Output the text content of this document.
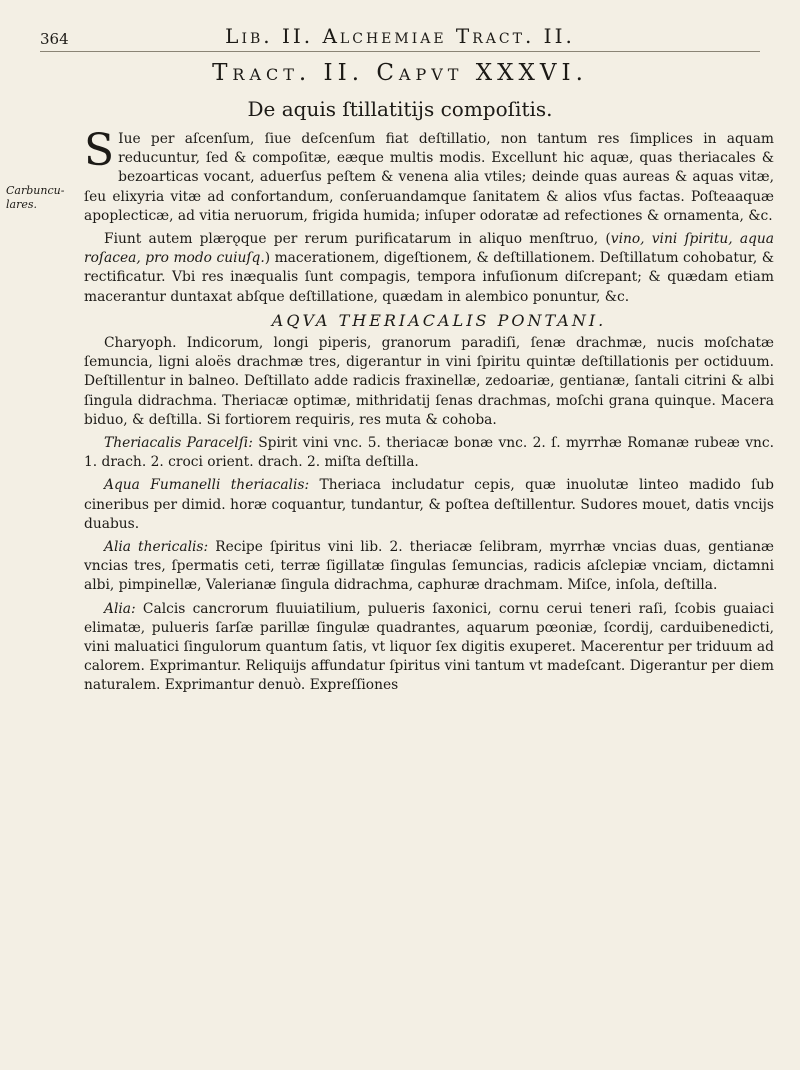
364	Lib. II. Alchemiae Tract. II.
Tract. II. Capvt XXXVI.
De aquis ſtillatitijs compoſitis.
Carbuncu-lares.

S Iue per aſcenſum, ſiue deſcenſum fiat deſtillatio, non tantum res ſimplices in aquam reducuntur, ſed & compoſitæ, eæque multis modis. Excellunt hic aquæ, quas theriacales & bezoarticas vocant, aduerſus peſtem & venena alia vtiles; deinde quas aureas & aquas vitæ, ſeu elixyria vitæ ad confortandum, conſeruandamque ſanitatem & alios vſus factas. Poſteaaquæ apoplecticæ, ad vitia neruorum, frigida humida; inſuper odoratæ ad refectiones & ornamenta, &c.

Fiunt autem plærǫque per rerum purificatarum in aliquo menſtruo, (vino, vini ſpiritu, aqua roſacea, pro modo cuiuſq.) macerationem, digeſtionem, & deſtillationem. Deſtillatum cohobatur, & rectificatur. Vbi res inæqualis ſunt compagis, tempora infuſionum diſcrepant; & quædam etiam macerantur duntaxat abſque deſtillatione, quædam in alembico ponuntur, &c.

AQVA THERIACALIS PONTANI.

Charyoph. Indicorum, longi piperis, granorum paradiſi, ſenæ drachmæ, nucis moſchatæ ſemuncia, ligni aloës drachmæ tres, digerantur in vini ſpiritu quintæ deſtillationis per octiduum. Deſtillentur in balneo. Deſtillato adde radicis fraxinellæ, zedoariæ, gentianæ, ſantali citrini & albi ſingula didrachma. Theriacæ optimæ, mithridatij ſenas drachmas, moſchi grana quinque. Macera biduo, & deſtilla. Si fortiorem requiris, res muta & cohoba.

Theriacalis Paracelſi: Spirit vini vnc. 5. theriacæ bonæ vnc. 2. ſ. myrrhæ Romanæ rubeæ vnc. 1. drach. 2. croci orient. drach. 2. miſta deſtilla.

Aqua Fumanelli theriacalis: Theriaca includatur cepis, quæ inuolutæ linteo madido ſub cineribus per dimid. horæ coquantur, tundantur, & poſtea deſtillentur. Sudores mouet, datis vncijs duabus.

Alia thericalis: Recipe ſpiritus vini lib. 2. theriacæ ſelibram, myrrhæ vncias duas, gentianæ vncias tres, ſpermatis ceti, terræ ſigillatæ ſingulas ſemuncias, radicis aſclepiæ vnciam, dictamni albi, pimpinellæ, Valerianæ ſingula didrachma, caphuræ drachmam. Miſce, inſola, deſtilla.

Alia: Calcis cancrorum fluuiatilium, pulueris ſaxonici, cornu cerui teneri raſi, ſcobis guaiaci elimatæ, pulueris ſarſæ parillæ ſingulæ quadrantes, aquarum pœoniæ, ſcordij, carduibenedicti, vini maluatici ſingulorum quantum ſatis, vt liquor ſex digitis exuperet. Macerentur per triduum ad calorem. Exprimantur. Reliquijs affundatur ſpiritus vini tantum vt madeſcant. Digerantur per diem naturalem. Exprimantur denuò. Expreſſiones
